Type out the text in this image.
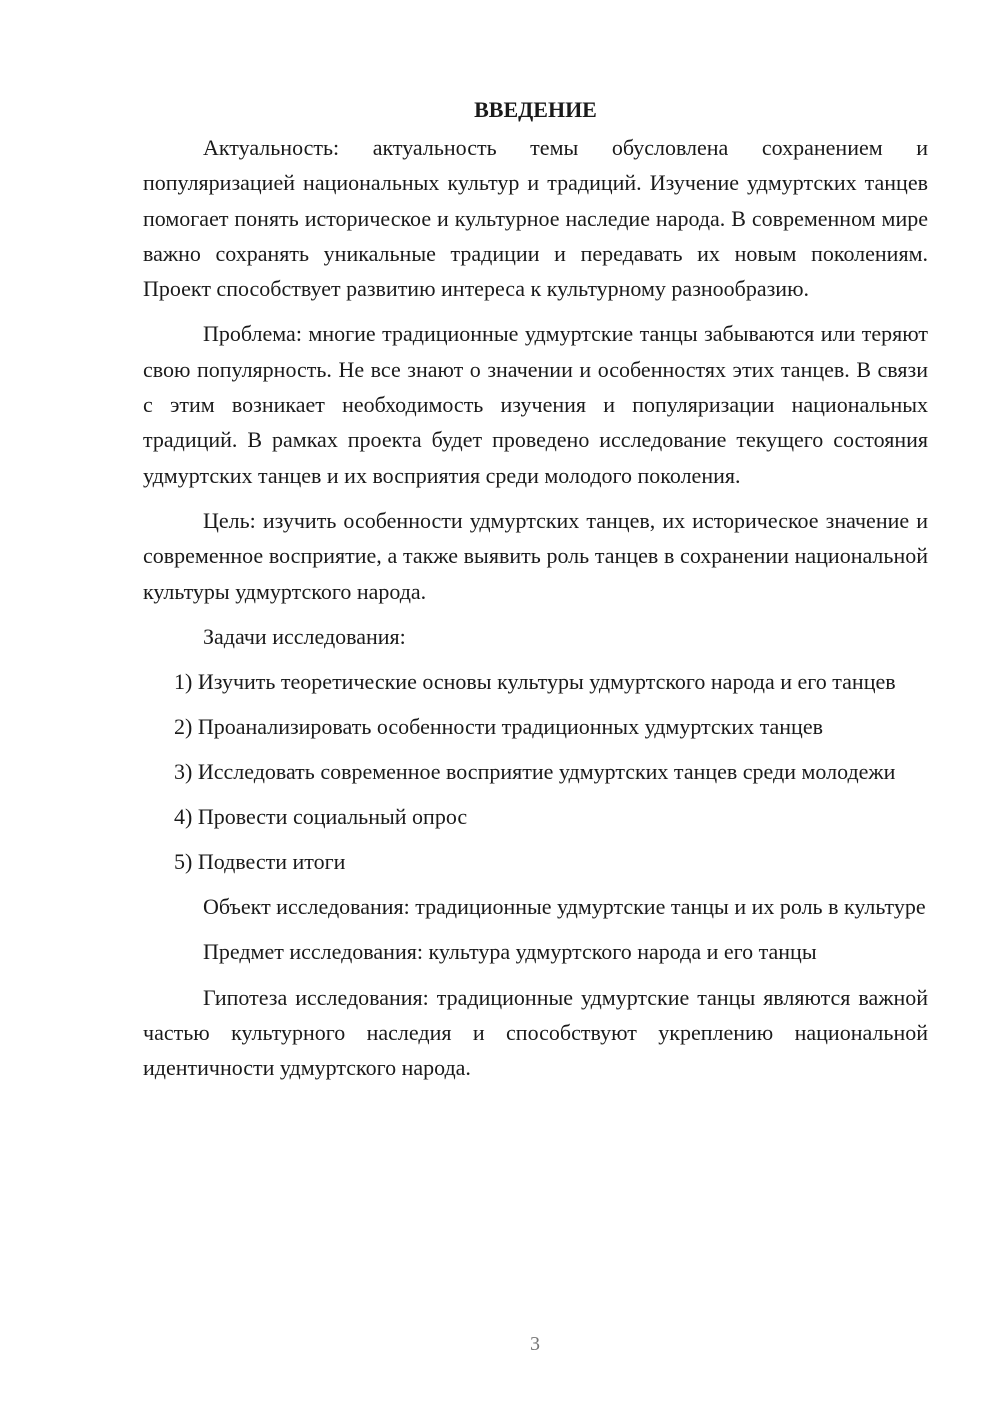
ВВЕДЕНИЕ

Актуальность: актуальность темы обусловлена сохранением и популяризацией национальных культур и традиций. Изучение удмуртских танцев помогает понять историческое и культурное наследие народа. В современном мире важно сохранять уникальные традиции и передавать их новым поколениям. Проект способствует развитию интереса к культурному разнообразию.

Проблема: многие традиционные удмуртские танцы забываются или теряют свою популярность. Не все знают о значении и особенностях этих танцев. В связи с этим возникает необходимость изучения и популяризации национальных традиций. В рамках проекта будет проведено исследование текущего состояния удмуртских танцев и их восприятия среди молодого поколения.

Цель: изучить особенности удмуртских танцев, их историческое значение и современное восприятие, а также выявить роль танцев в сохранении национальной культуры удмуртского народа.

Задачи исследования:

1) Изучить теоретические основы культуры удмуртского народа и его танцев

2) Проанализировать особенности традиционных удмуртских танцев

3) Исследовать современное восприятие удмуртских танцев среди молодежи

4) Провести социальный опрос

5) Подвести итоги

Объект исследования: традиционные удмуртские танцы и их роль в культуре

Предмет исследования: культура удмуртского народа и его танцы

Гипотеза исследования: традиционные удмуртские танцы являются важной частью культурного наследия и способствуют укреплению национальной идентичности удмуртского народа.

3
